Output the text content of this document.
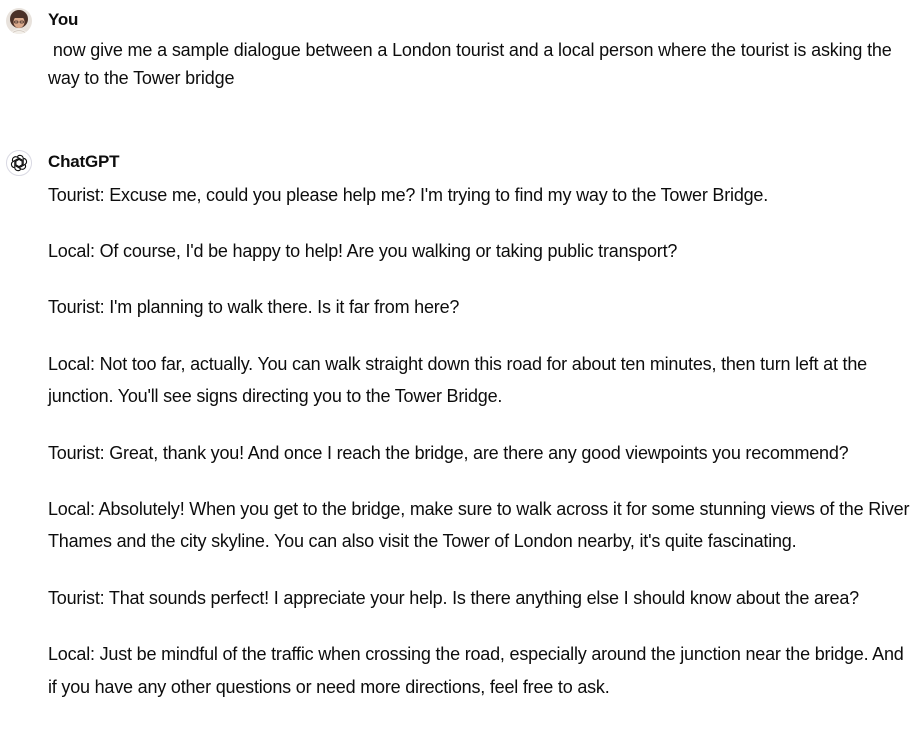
You
now give me a sample dialogue between a London tourist and a local person where the tourist is asking the way to the Tower bridge
ChatGPT

Tourist: Excuse me, could you please help me? I'm trying to find my way to the Tower Bridge.

Local: Of course, I'd be happy to help! Are you walking or taking public transport?

Tourist: I'm planning to walk there. Is it far from here?

Local: Not too far, actually. You can walk straight down this road for about ten minutes, then turn left at the junction. You'll see signs directing you to the Tower Bridge.

Tourist: Great, thank you! And once I reach the bridge, are there any good viewpoints you recommend?

Local: Absolutely! When you get to the bridge, make sure to walk across it for some stunning views of the River Thames and the city skyline. You can also visit the Tower of London nearby, it's quite fascinating.

Tourist: That sounds perfect! I appreciate your help. Is there anything else I should know about the area?

Local: Just be mindful of the traffic when crossing the road, especially around the junction near the bridge. And if you have any other questions or need more directions, feel free to ask.
